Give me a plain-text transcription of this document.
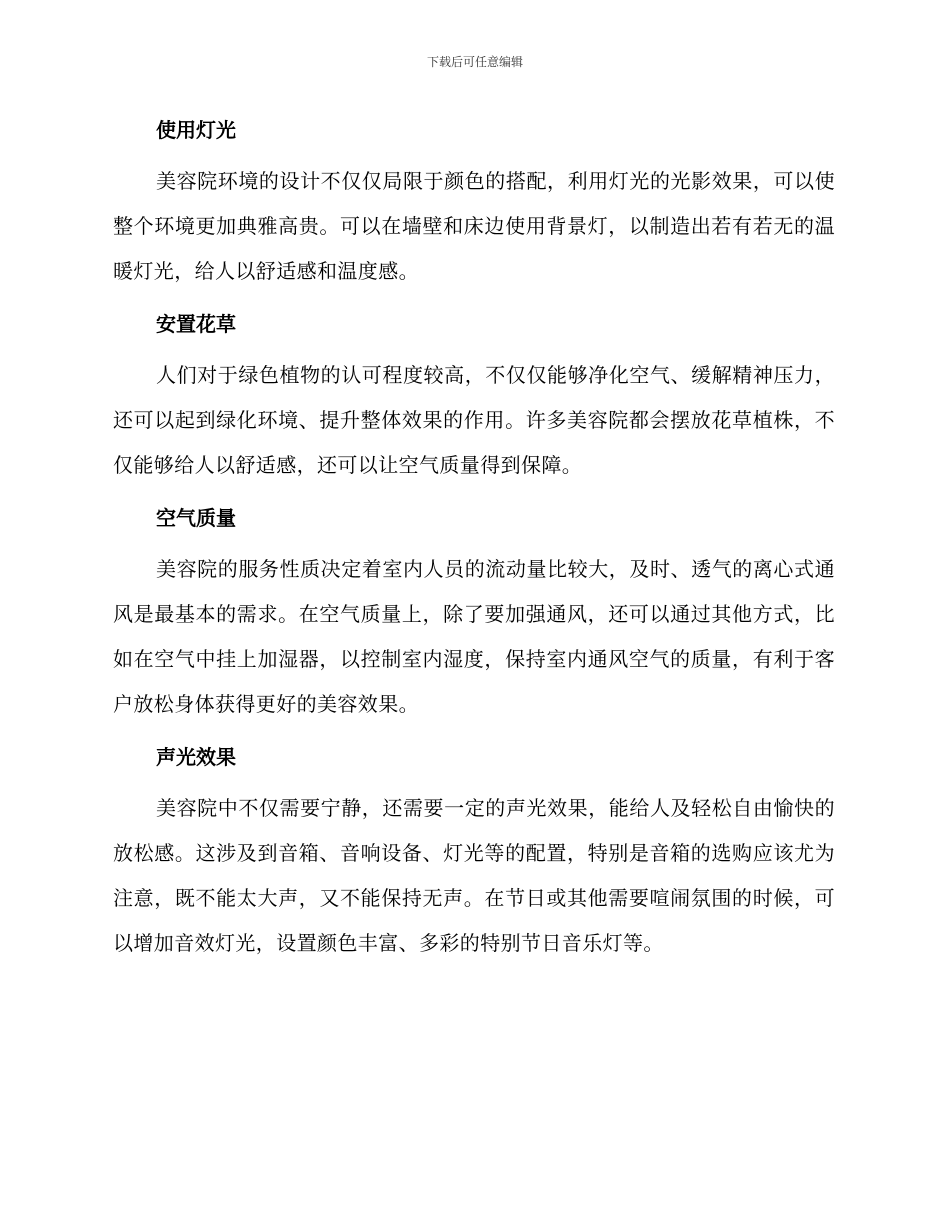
下载后可任意编辑
使用灯光

美容院环境的设计不仅仅局限于颜色的搭配，利用灯光的光影效果，可以使整个环境更加典雅高贵。可以在墙壁和床边使用背景灯，以制造出若有若无的温暖灯光，给人以舒适感和温度感。

安置花草

人们对于绿色植物的认可程度较高，不仅仅能够净化空气、缓解精神压力，还可以起到绿化环境、提升整体效果的作用。许多美容院都会摆放花草植株，不仅能够给人以舒适感，还可以让空气质量得到保障。

空气质量

美容院的服务性质决定着室内人员的流动量比较大，及时、透气的离心式通风是最基本的需求。在空气质量上，除了要加强通风，还可以通过其他方式，比如在空气中挂上加湿器，以控制室内湿度，保持室内通风空气的质量，有利于客户放松身体获得更好的美容效果。

声光效果

美容院中不仅需要宁静，还需要一定的声光效果，能给人及轻松自由愉快的放松感。这涉及到音箱、音响设备、灯光等的配置，特别是音箱的选购应该尤为注意，既不能太大声，又不能保持无声。在节日或其他需要喧闹氛围的时候，可以增加音效灯光，设置颜色丰富、多彩的特别节日音乐灯等。
